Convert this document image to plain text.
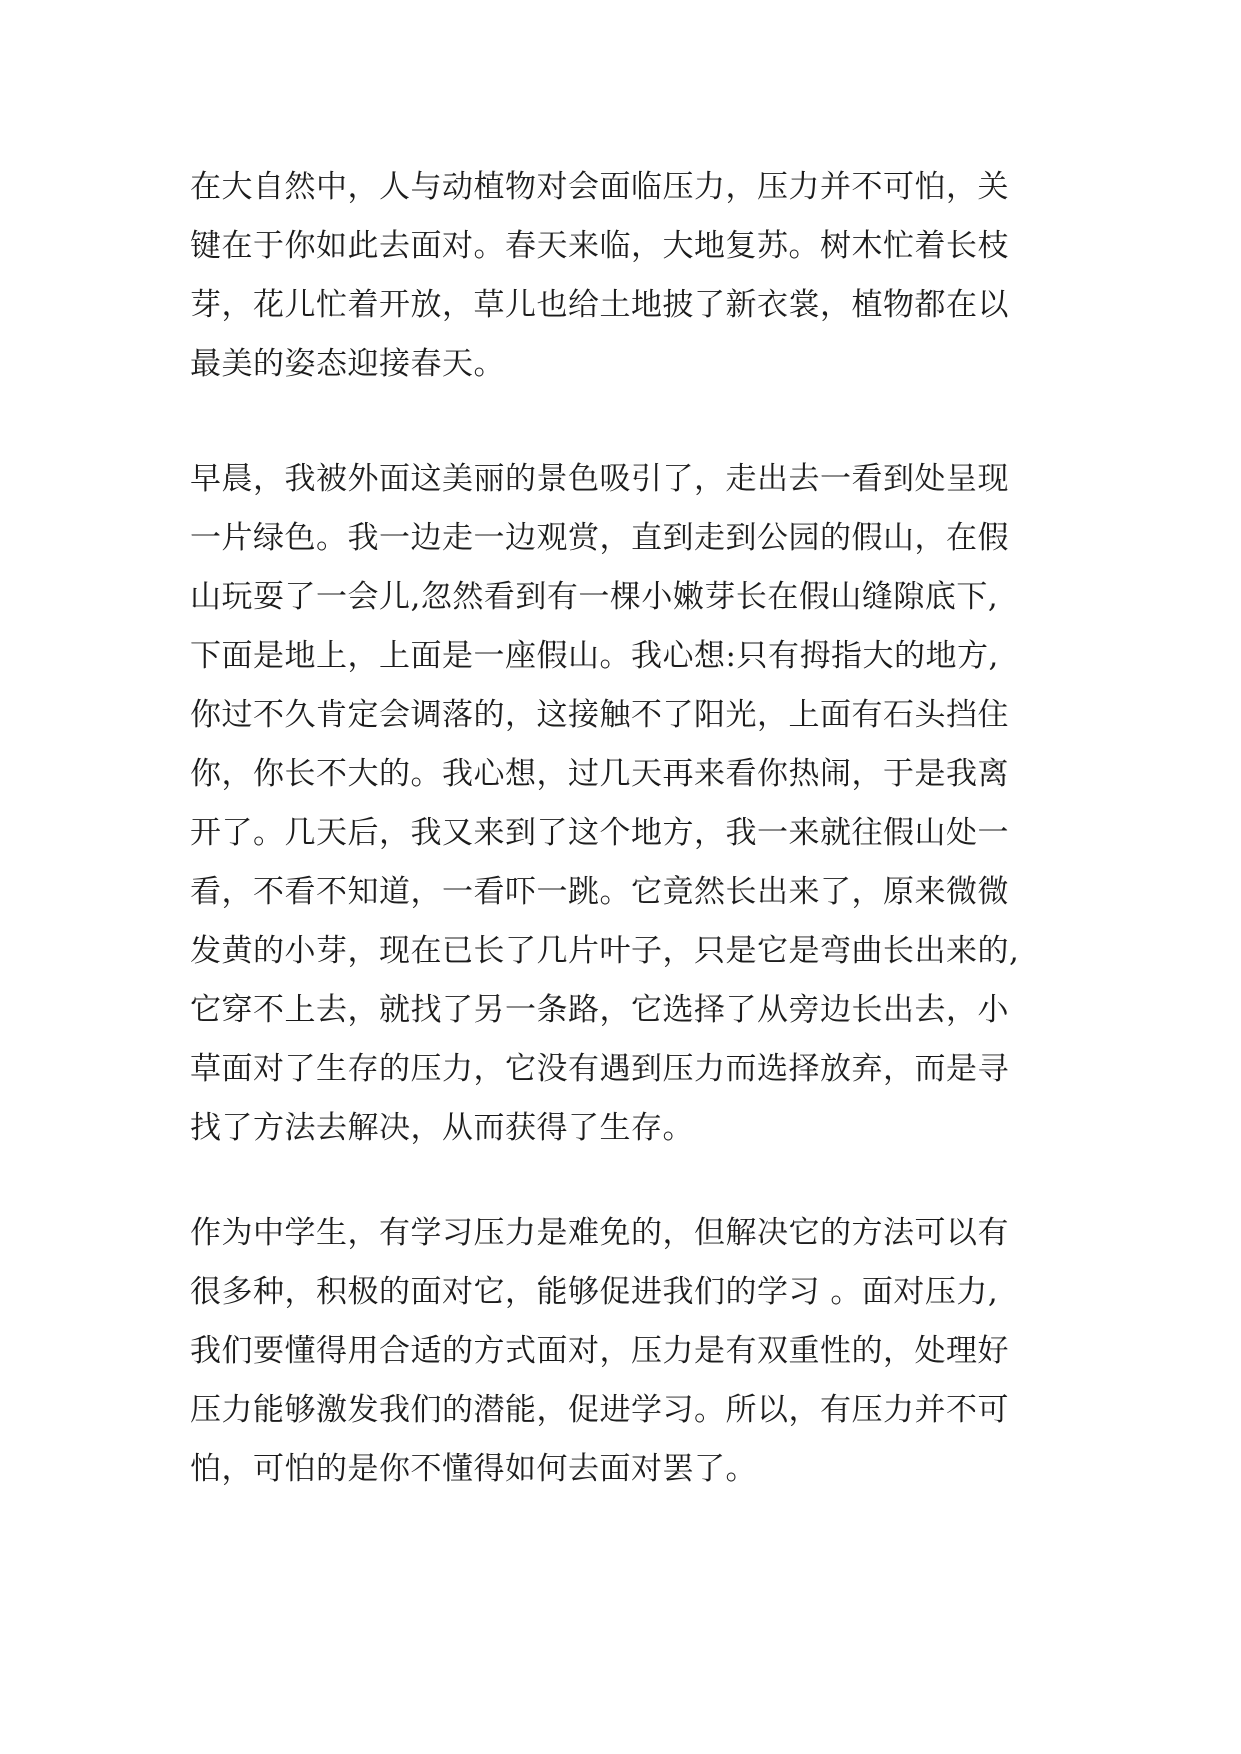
在大自然中，人与动植物对会面临压力，压力并不可怕，关
键在于你如此去面对。春天来临，大地复苏。树木忙着长枝
芽，花儿忙着开放，草儿也给土地披了新衣裳，植物都在以
最美的姿态迎接春天。
早晨，我被外面这美丽的景色吸引了，走出去一看到处呈现
一片绿色。我一边走一边观赏，直到走到公园的假山，在假
山玩耍了一会儿,忽然看到有一棵小嫩芽长在假山缝隙底下,
下面是地上，上面是一座假山。我心想:只有拇指大的地方,
你过不久肯定会调落的，这接触不了阳光，上面有石头挡住
你，你长不大的。我心想，过几天再来看你热闹，于是我离
开了。几天后，我又来到了这个地方，我一来就往假山处一
看，不看不知道，一看吓一跳。它竟然长出来了，原来微微
发黄的小芽，现在已长了几片叶子，只是它是弯曲长出来的,
它穿不上去，就找了另一条路，它选择了从旁边长出去，小
草面对了生存的压力，它没有遇到压力而选择放弃，而是寻
找了方法去解决，从而获得了生存。
作为中学生，有学习压力是难免的，但解决它的方法可以有
很多种，积极的面对它，能够促进我们的学习 。面对压力,
我们要懂得用合适的方式面对，压力是有双重性的，处理好
压力能够激发我们的潜能，促进学习。所以，有压力并不可
怕，可怕的是你不懂得如何去面对罢了。
